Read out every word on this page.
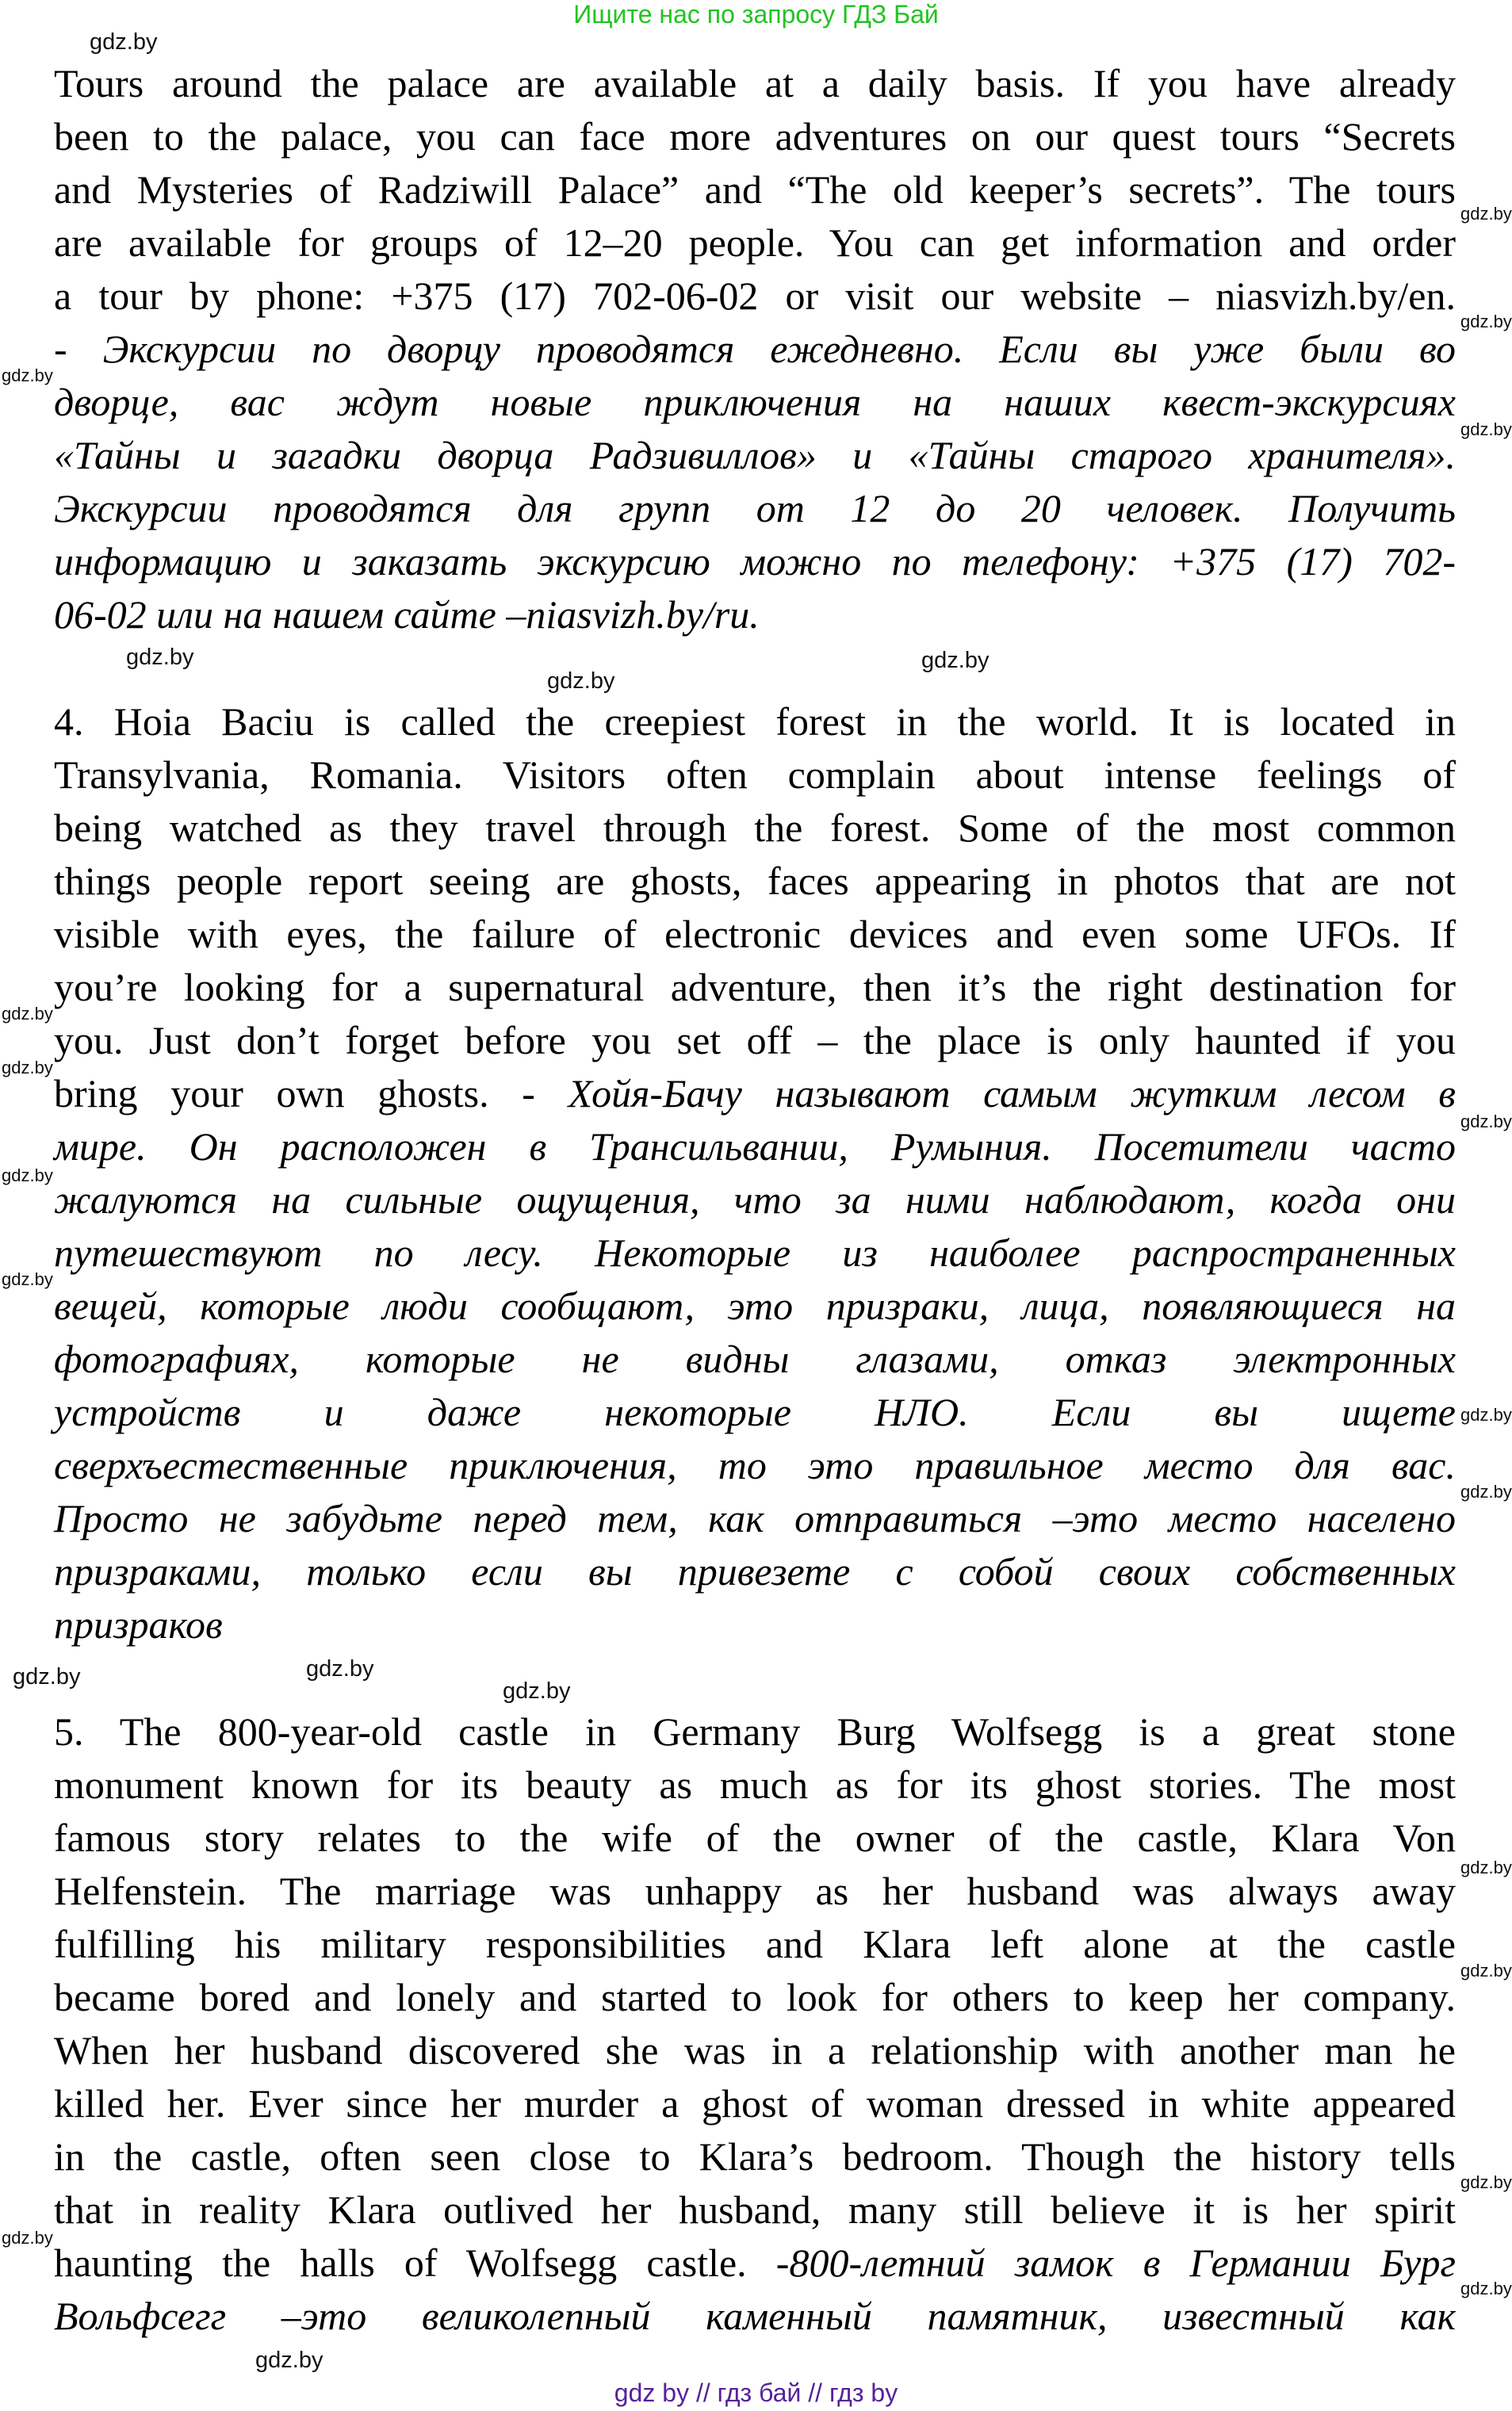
Ищите нас по запросу ГДЗ Бай
Tours around the palace are available at a daily basis. If you have already
been to the palace, you can face more adventures on our quest tours “Secrets
and Mysteries of Radziwill Palace” and “The old keeper’s secrets”. The tours
are available for groups of 12–20 people. You can get information and order
a tour by phone: +375 (17) 702-06-02 or visit our website – niasvizh.by/en.
- Экскурсии по дворцу проводятся ежедневно. Если вы уже были во
дворце, вас ждут новые приключения на наших квест-экскурсиях
«Тайны и загадки дворца Радзивиллов» и «Тайны старого хранителя».
Экскурсии проводятся для групп от 12 до 20 человек. Получить
информацию и заказать экскурсию можно по телефону: +375 (17) 702-
06-02 или на нашем сайте –niasvizh.by/ru.
4. Hoia Baciu is called the creepiest forest in the world. It is located in
Transylvania, Romania. Visitors often complain about intense feelings of
being watched as they travel through the forest. Some of the most common
things people report seeing are ghosts, faces appearing in photos that are not
visible with eyes, the failure of electronic devices and even some UFOs. If
you’re looking for a supernatural adventure, then it’s the right destination for
you. Just don’t forget before you set off – the place is only haunted if you
bring your own ghosts. - Хойя-Бачу называют самым жутким лесом в
мире. Он расположен в Трансильвании, Румыния. Посетители часто
жалуются на сильные ощущения, что за ними наблюдают, когда они
путешествуют по лесу. Некоторые из наиболее распространенных
вещей, которые люди сообщают, это призраки, лица, появляющиеся на
фотографиях, которые не видны глазами, отказ электронных
устройств и даже некоторые НЛО. Если вы ищете
сверхъестественные приключения, то это правильное место для вас.
Просто не забудьте перед тем, как отправиться –это место населено
призраками, только если вы привезете с собой своих собственных
призраков
5. The 800-year-old castle in Germany Burg Wolfsegg is a great stone
monument known for its beauty as much as for its ghost stories. The most
famous story relates to the wife of the owner of the castle, Klara Von
Helfenstein. The marriage was unhappy as her husband was always away
fulfilling his military responsibilities and Klara left alone at the castle
became bored and lonely and started to look for others to keep her company.
When her husband discovered she was in a relationship with another man he
killed her. Ever since her murder a ghost of woman dressed in white appeared
in the castle, often seen close to Klara’s bedroom. Though the history tells
that in reality Klara outlived her husband, many still believe it is her spirit
haunting the halls of Wolfsegg castle. -800-летний замок в Германии Бург
Вольфсегг –это великолепный каменный памятник, известный как
gdz.by
gdz.by
gdz.by
gdz.by
gdz.by
gdz.by
gdz.by
gdz.by
gdz.by
gdz.by
gdz.by
gdz.by
gdz.by
gdz.by
gdz.by
gdz.by
gdz.by
gdz.by
gdz.by
gdz.by
gdz.by
gdz.by
gdz.by
gdz.by
gdz by // гдз бай // гдз by
